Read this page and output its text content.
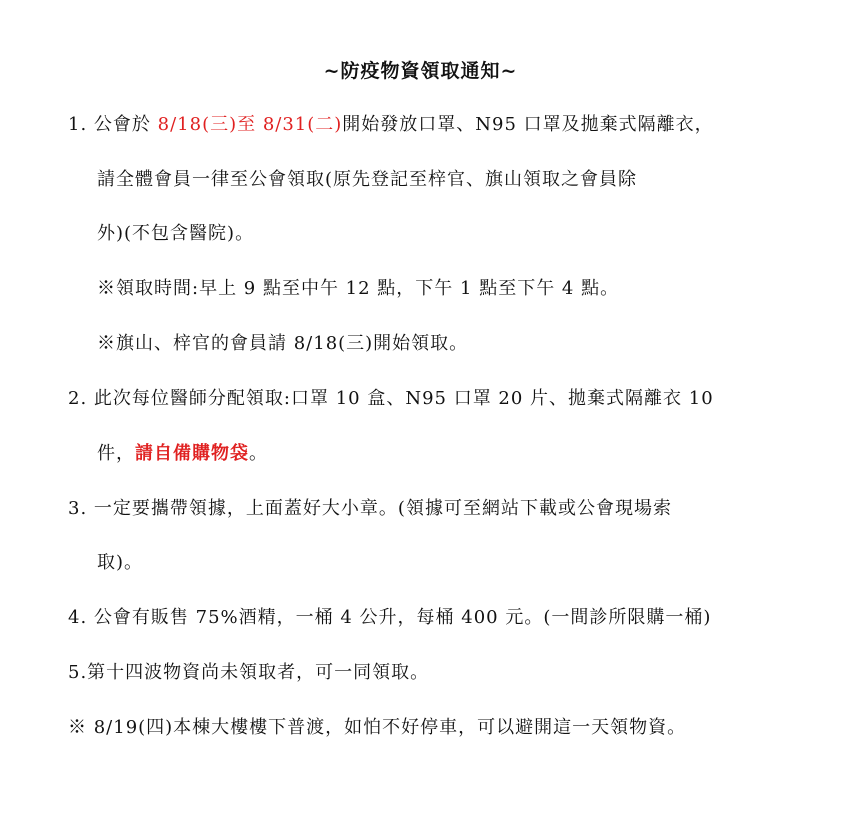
~防疫物資領取通知~
1. 公會於 8/18(三)至 8/31(二)開始發放口罩、N95 口罩及拋棄式隔離衣，
請全體會員一律至公會領取(原先登記至梓官、旗山領取之會員除
外)(不包含醫院)。
※領取時間:早上 9 點至中午 12 點，下午 1 點至下午 4 點。
※旗山、梓官的會員請 8/18(三)開始領取。
2. 此次每位醫師分配領取:口罩 10 盒、N95 口罩 20 片、拋棄式隔離衣 10
件，請自備購物袋。
3. 一定要攜帶領據，上面蓋好大小章。(領據可至網站下載或公會現場索
取)。
4. 公會有販售 75%酒精，一桶 4 公升，每桶 400 元。(一間診所限購一桶)
5.第十四波物資尚未領取者，可一同領取。
※ 8/19(四)本棟大樓樓下普渡，如怕不好停車，可以避開這一天領物資。
